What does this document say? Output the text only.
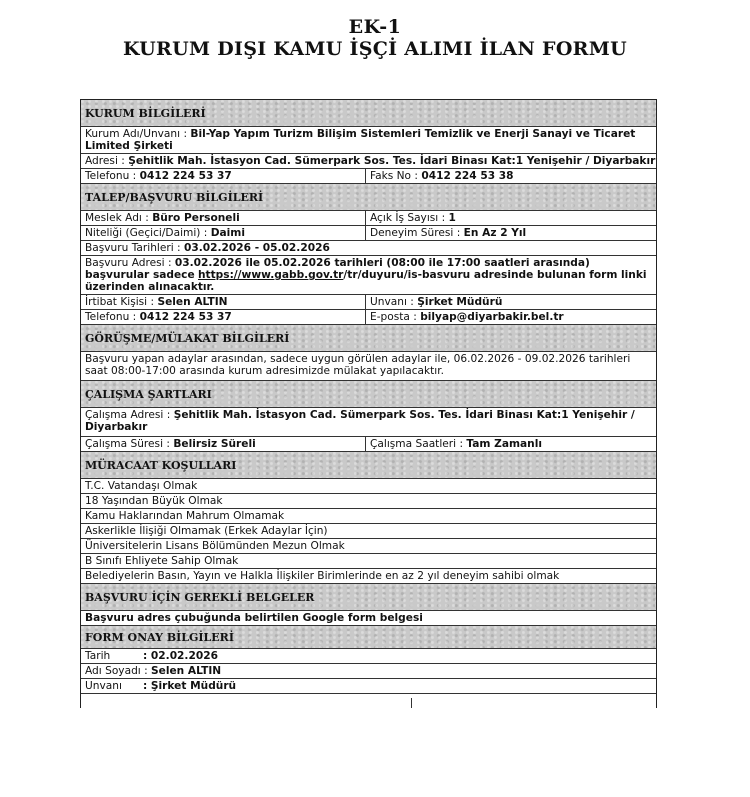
EK-1
KURUM DIŞI KAMU İŞÇİ ALIMI İLAN FORMU
KURUM BİLGİLERİ
Kurum Adı/Unvanı : Bil-Yap Yapım Turizm Bilişim Sistemleri Temizlik ve Enerji Sanayi ve Ticaret Limited Şirketi
Adresi : Şehitlik Mah. İstasyon Cad. Sümerpark Sos. Tes. İdari Binası Kat:1 Yenişehir / Diyarbakır
Telefonu : 0412 224 53 37	Faks No : 0412 224 53 38
TALEP/BAŞVURU BİLGİLERİ
Meslek Adı : Büro Personeli	Açık İş Sayısı : 1
Niteliği (Geçici/Daimi) : Daimi	Deneyim Süresi : En Az 2 Yıl
Başvuru Tarihleri : 03.02.2026 - 05.02.2026
Başvuru Adresi : 03.02.2026 ile 05.02.2026 tarihleri (08:00 ile 17:00 saatleri arasında) başvurular sadece https://www.gabb.gov.tr/tr/duyuru/is-basvuru adresinde bulunan form linki üzerinden alınacaktır.
İrtibat Kişisi : Selen ALTIN	Unvanı : Şirket Müdürü
Telefonu : 0412 224 53 37	E-posta : bilyap@diyarbakir.bel.tr
GÖRÜŞME/MÜLAKAT BİLGİLERİ
Başvuru yapan adaylar arasından, sadece uygun görülen adaylar ile, 06.02.2026 - 09.02.2026 tarihleri saat 08:00-17:00 arasında kurum adresimizde mülakat yapılacaktır.
ÇALIŞMA ŞARTLARI
Çalışma Adresi : Şehitlik Mah. İstasyon Cad. Sümerpark Sos. Tes. İdari Binası Kat:1 Yenişehir / Diyarbakır
Çalışma Süresi : Belirsiz Süreli	Çalışma Saatleri : Tam Zamanlı
MÜRACAAT KOŞULLARI
T.C. Vatandaşı Olmak
18 Yaşından Büyük Olmak
Kamu Haklarından Mahrum Olmamak
Askerlikle İlişiği Olmamak (Erkek Adaylar İçin)
Üniversitelerin Lisans Bölümünden Mezun Olmak
B Sınıfı Ehliyete Sahip Olmak
Belediyelerin Basın, Yayın ve Halkla İlişkiler Birimlerinde en az 2 yıl deneyim sahibi olmak
BAŞVURU İÇİN GEREKLİ BELGELER
Başvuru adres çubuğunda belirtilen Google form belgesi
FORM ONAY BİLGİLERİ
Tarih	: 02.02.2026
Adı Soyadı : Selen ALTIN
Unvanı : Şirket Müdürü
